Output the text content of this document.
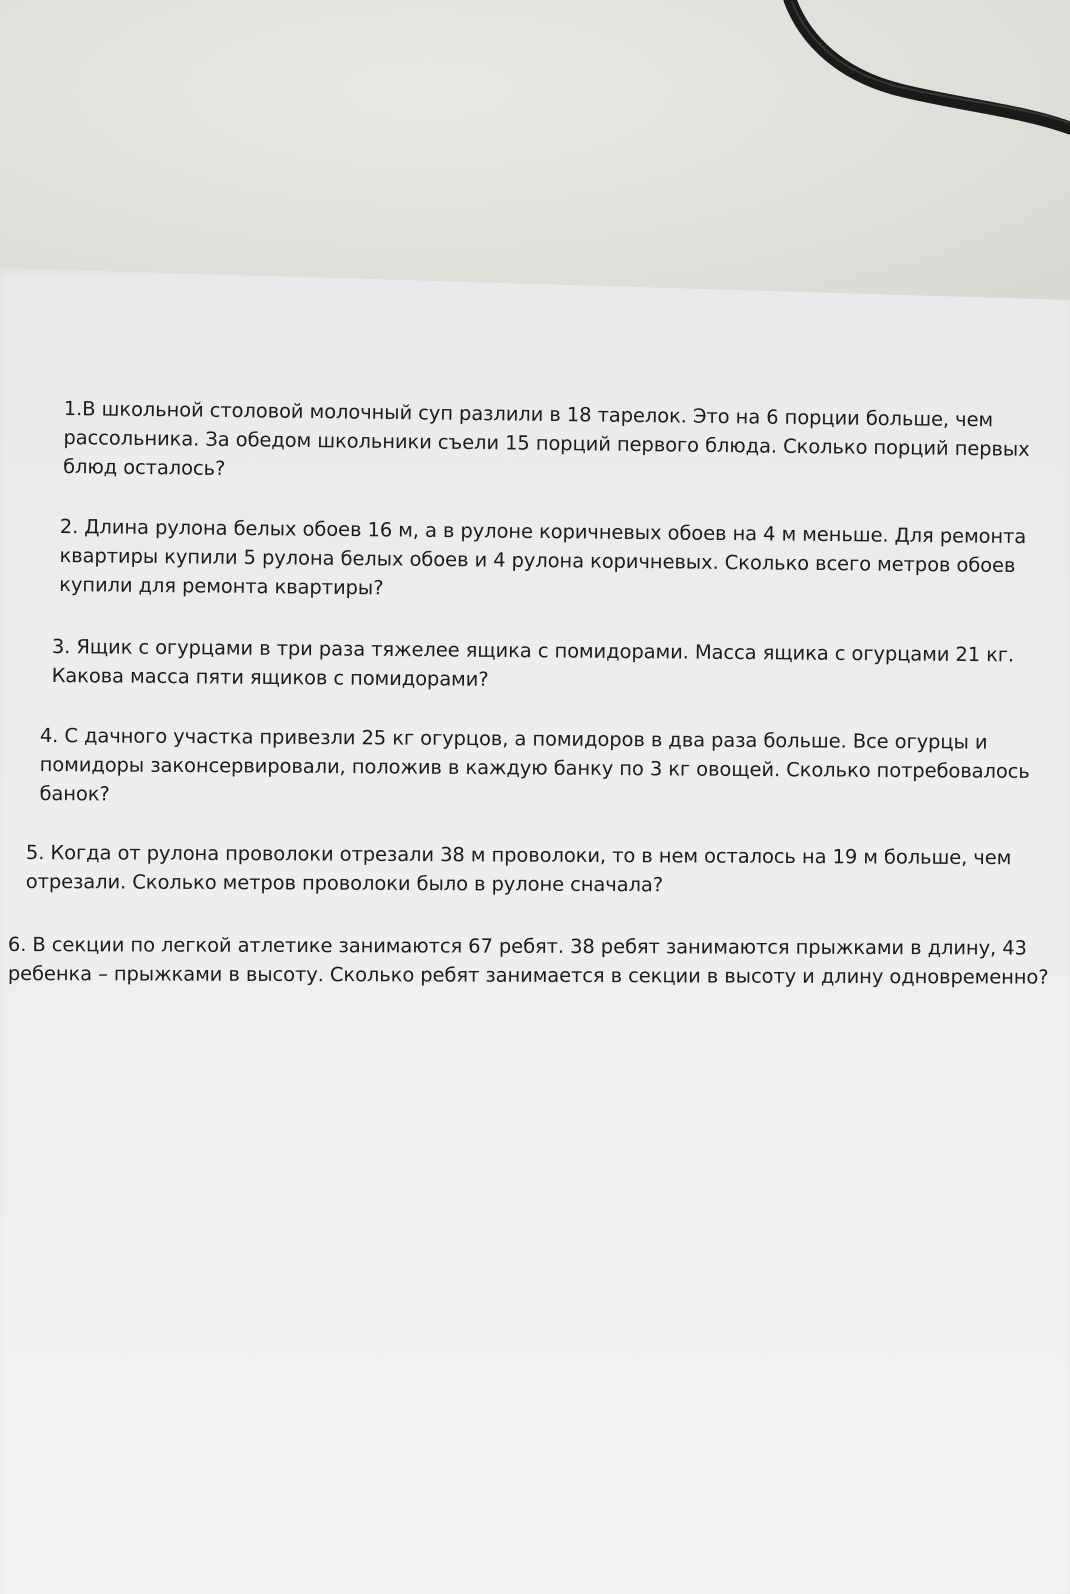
1.В школьной столовой молочный суп разлили в 18 тарелок. Это на 6 порции больше, чем рассольника. За обедом школьники съели 15 порций первого блюда. Сколько порций первых блюд осталось?

2. Длина рулона белых обоев 16 м, а в рулоне коричневых обоев на 4 м меньше. Для ремонта квартиры купили 5 рулона белых обоев и 4 рулона коричневых. Сколько всего метров обоев купили для ремонта квартиры?

3. Ящик с огурцами в три раза тяжелее ящика с помидорами. Масса ящика с огурцами 21 кг. Какова масса пяти ящиков с помидорами?

4. С дачного участка привезли 25 кг огурцов, а помидоров в два раза больше. Все огурцы и помидоры законсервировали, положив в каждую банку по 3 кг овощей. Сколько потребовалось банок?

5. Когда от рулона проволоки отрезали 38 м проволоки, то в нем осталось на 19 м больше, чем отрезали. Сколько метров проволоки было в рулоне сначала?

6. В секции по легкой атлетике занимаются 67 ребят. 38 ребят занимаются прыжками в длину, 43 ребенка – прыжками в высоту. Сколько ребят занимается в секции в высоту и длину одновременно?
